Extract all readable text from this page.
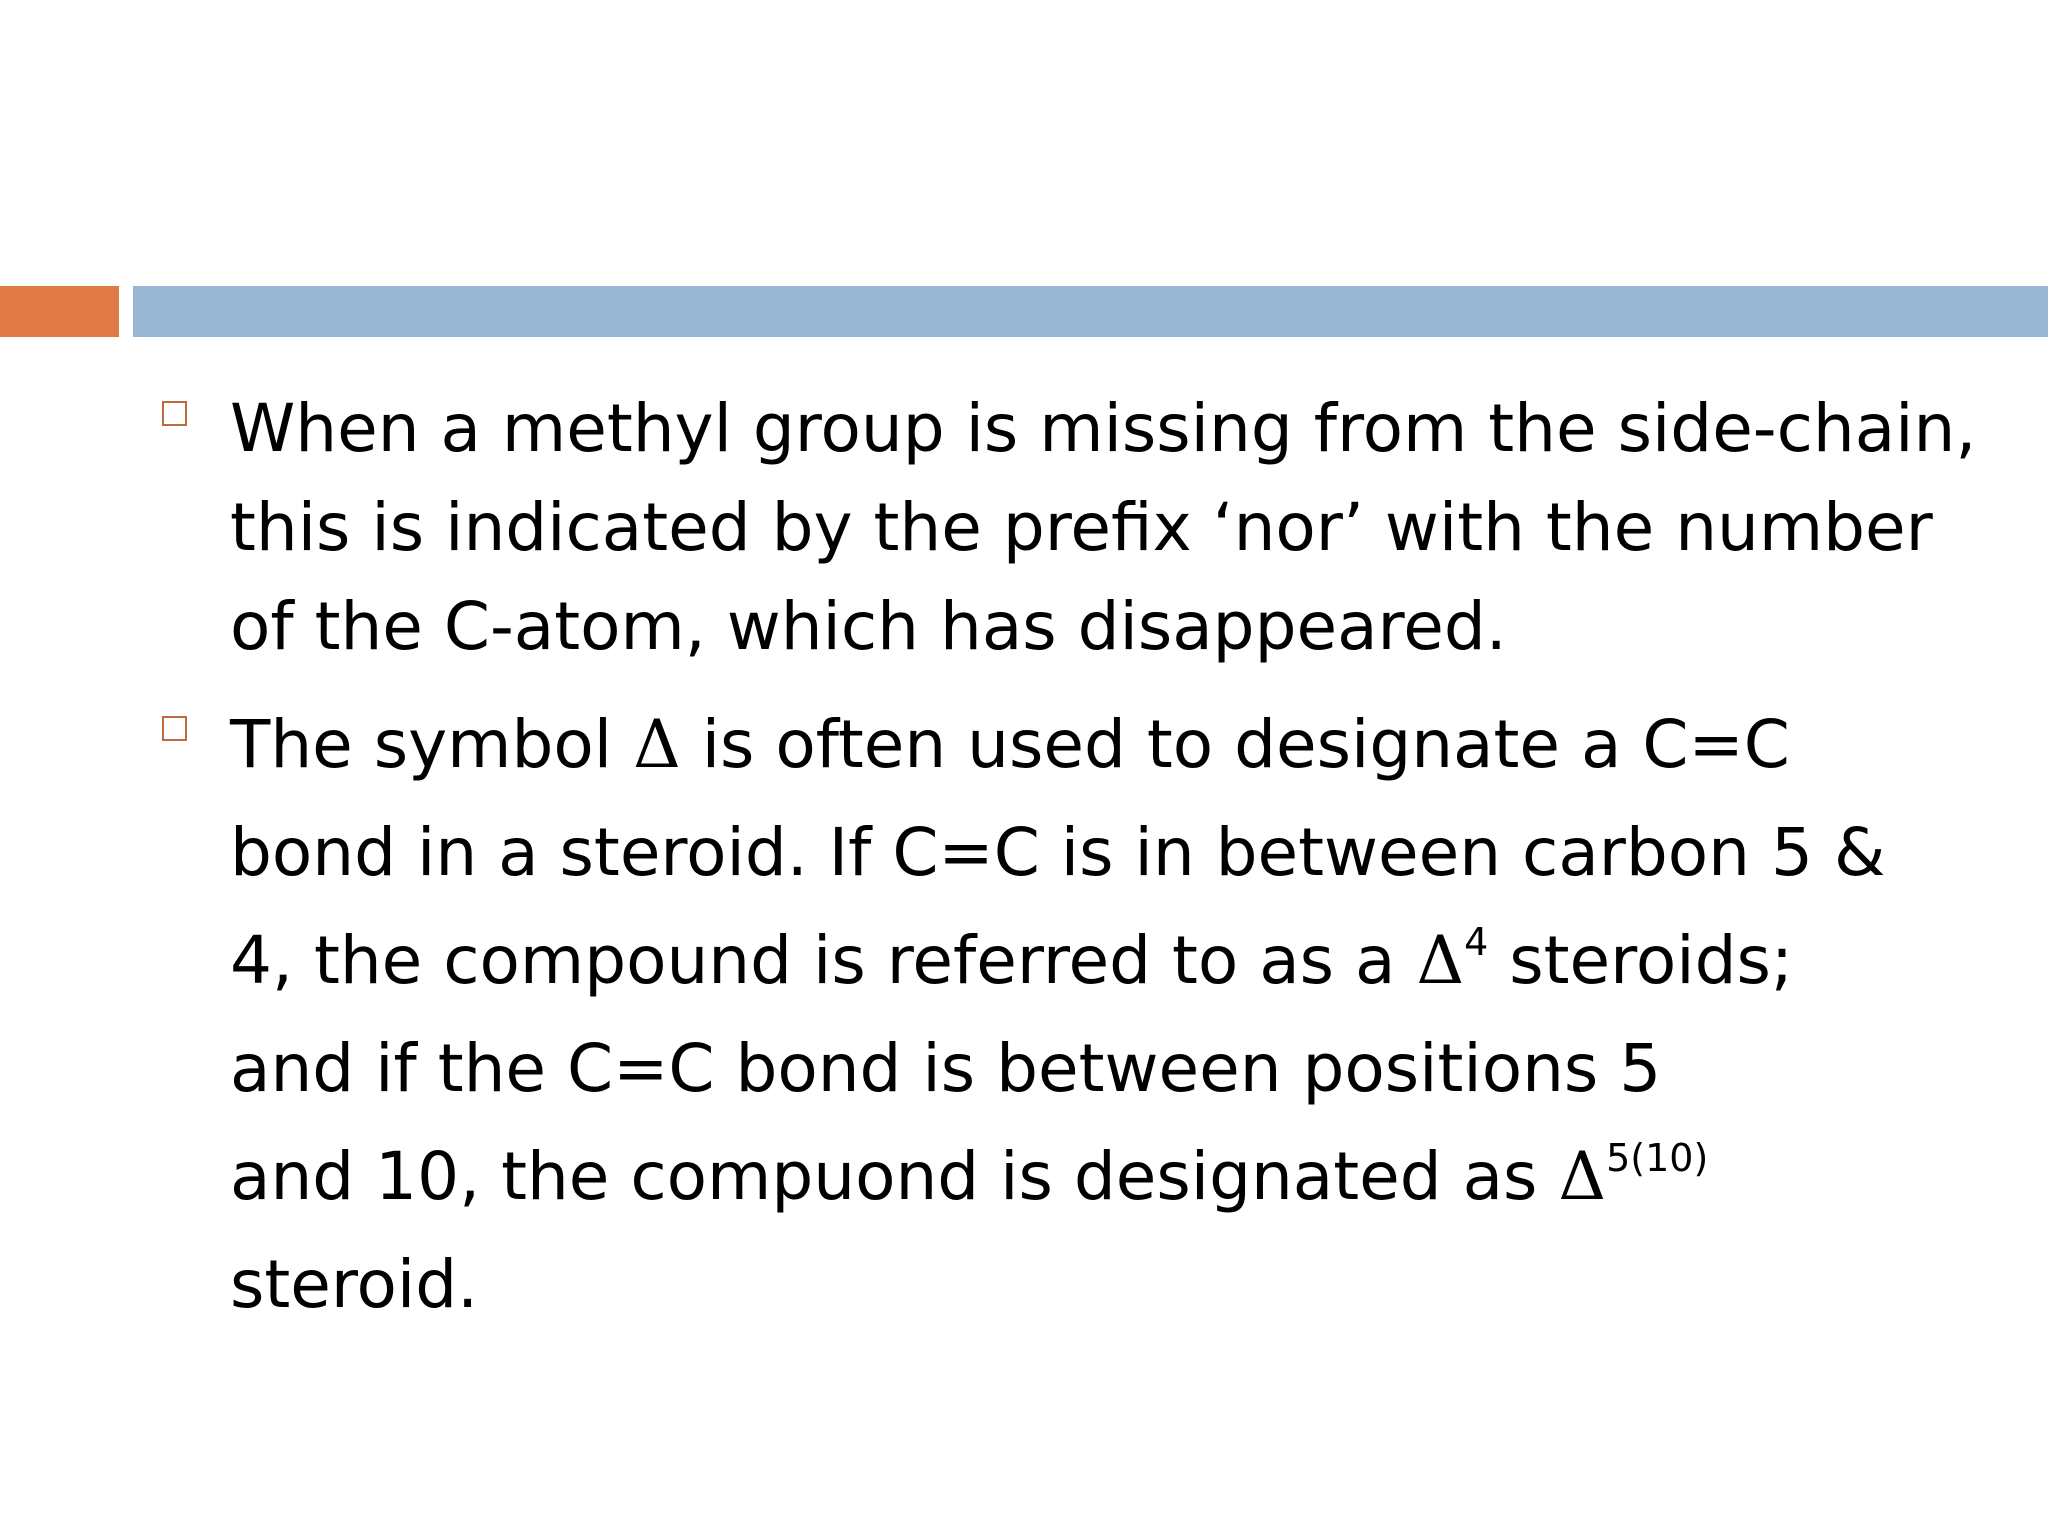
When a methyl group is missing from the side-chain,
this is indicated by the prefix ‘nor’ with the number
of the C-atom, which has disappeared.
The symbol Δ is often used to designate a C=C
bond in a steroid. If C=C is in between carbon 5 &
4, the compound is referred to as a $\Delta^4$ steroids;
and if the C=C bond is between positions 5
and 10, the compuond is designated as $\Delta^{5(10)}$
steroid.
